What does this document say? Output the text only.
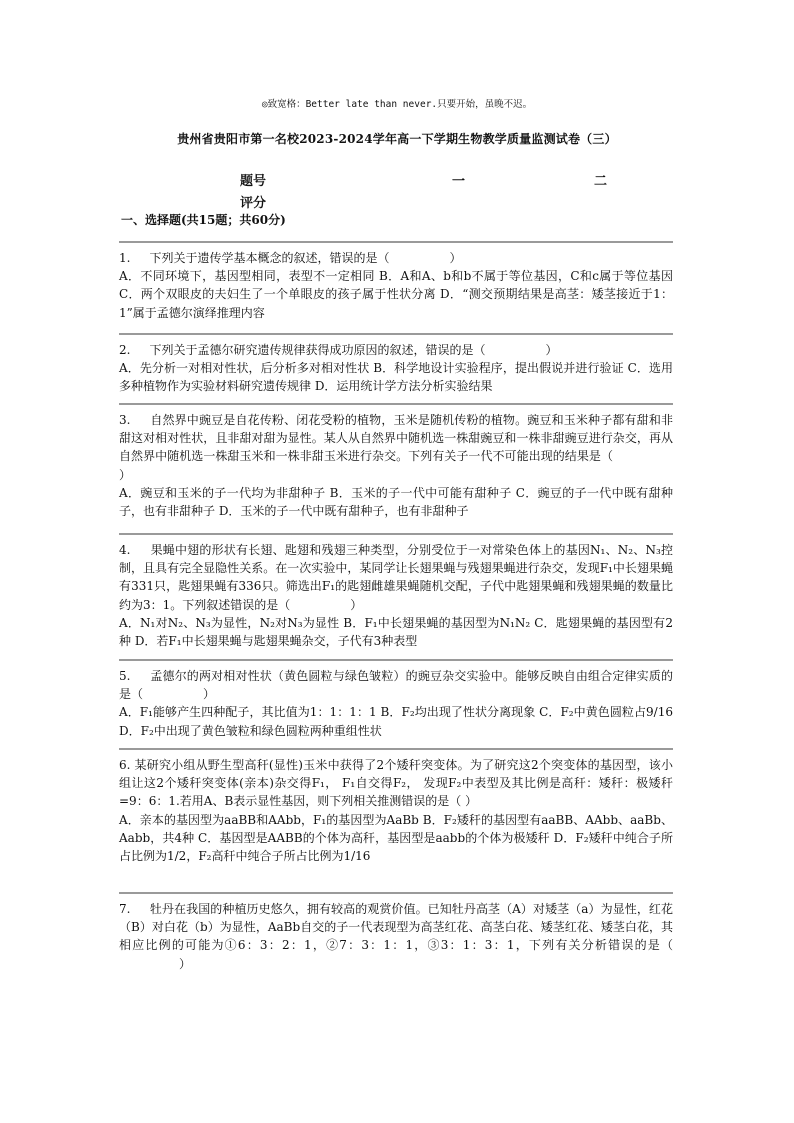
◎致宽格：Better late than never.只要开始，虽晚不迟。
贵州省贵阳市第一名校2023-2024学年高一下学期生物教学质量监测试卷（三）
题号	一	二
评分
一、选择题(共15题；共60分)

1. 下列关于遗传学基本概念的叙述，错误的是（	）

A．不同环境下，基因型相同，表型不一定相同 B．A和A、b和b不属于等位基因，C和c属于等位基因 C．两个双眼皮的夫妇生了一个单眼皮的孩子属于性状分离 D．“测交预期结果是高茎：矮茎接近于1：1”属于孟德尔演绎推理内容

2. 下列关于孟德尔研究遗传规律获得成功原因的叙述，错误的是（	）

A．先分析一对相对性状，后分析多对相对性状 B．科学地设计实验程序，提出假说并进行验证 C．选用多种植物作为实验材料研究遗传规律 D．运用统计学方法分析实验结果

3. 自然界中豌豆是自花传粉、闭花受粉的植物，玉米是随机传粉的植物。豌豆和玉米种子都有甜和非甜这对相对性状，且非甜对甜为显性。某人从自然界中随机选一株甜豌豆和一株非甜豌豆进行杂交，再从自然界中随机选一株甜玉米和一株非甜玉米进行杂交。下列有关子一代不可能出现的结果是（）

A．豌豆和玉米的子一代均为非甜种子 B．玉米的子一代中可能有甜种子 C．豌豆的子一代中既有甜种子，也有非甜种子 D．玉米的子一代中既有甜种子，也有非甜种子

4. 果蝇中翅的形状有长翅、匙翅和残翅三种类型，分别受位于一对常染色体上的基因N₁、N₂、N₃控制，且具有完全显隐性关系。在一次实验中，某同学让长翅果蝇与残翅果蝇进行杂交，发现F₁中长翅果蝇有331只，匙翅果蝇有336只。筛选出F₁的匙翅雌雄果蝇随机交配，子代中匙翅果蝇和残翅果蝇的数量比约为3：1。下列叙述错误的是（	）

A．N₁对N₂、N₃为显性，N₂对N₃为显性 B．F₁中长翅果蝇的基因型为N₁N₂ C．匙翅果蝇的基因型有2种 D．若F₁中长翅果蝇与匙翅果蝇杂交，子代有3种表型

5. 孟德尔的两对相对性状（黄色圆粒与绿色皱粒）的豌豆杂交实验中。能够反映自由组合定律实质的是（	）

A．F₁能够产生四种配子，其比值为1：1：1：1 B．F₂均出现了性状分离现象 C．F₂中黄色圆粒占9/16 D．F₂中出现了黄色皱粒和绿色圆粒两种重组性状

6. 某研究小组从野生型高秆(显性)玉米中获得了2个矮秆突变体。为了研究这2个突变体的基因型，该小组让这2个矮秆突变体(亲本)杂交得F₁， F₁自交得F₂， 发现F₂中表型及其比例是高秆：矮秆：极矮秆=9：6：1.若用A、B表示显性基因，则下列相关推测错误的是（ ）

A．亲本的基因型为aaBB和AAbb，F₁的基因型为AaBb B．F₂矮秆的基因型有aaBB、AAbb、aaBb、Aabb，共4种 C．基因型是AABB的个体为高秆，基因型是aabb的个体为极矮秆 D．F₂矮秆中纯合子所占比例为1/2，F₂高秆中纯合子所占比例为1/16

7. 牡丹在我国的种植历史悠久，拥有较高的观赏价值。已知牡丹高茎（A）对矮茎（a）为显性，红花（B）对白花（b）为显性，AaBb自交的子一代表现型为高茎红花、高茎白花、矮茎红花、矮茎白花，其相应比例的可能为①6：3：2：1，②7：3：1：1，③3：1：3：1，下列有关分析错误的是（）
